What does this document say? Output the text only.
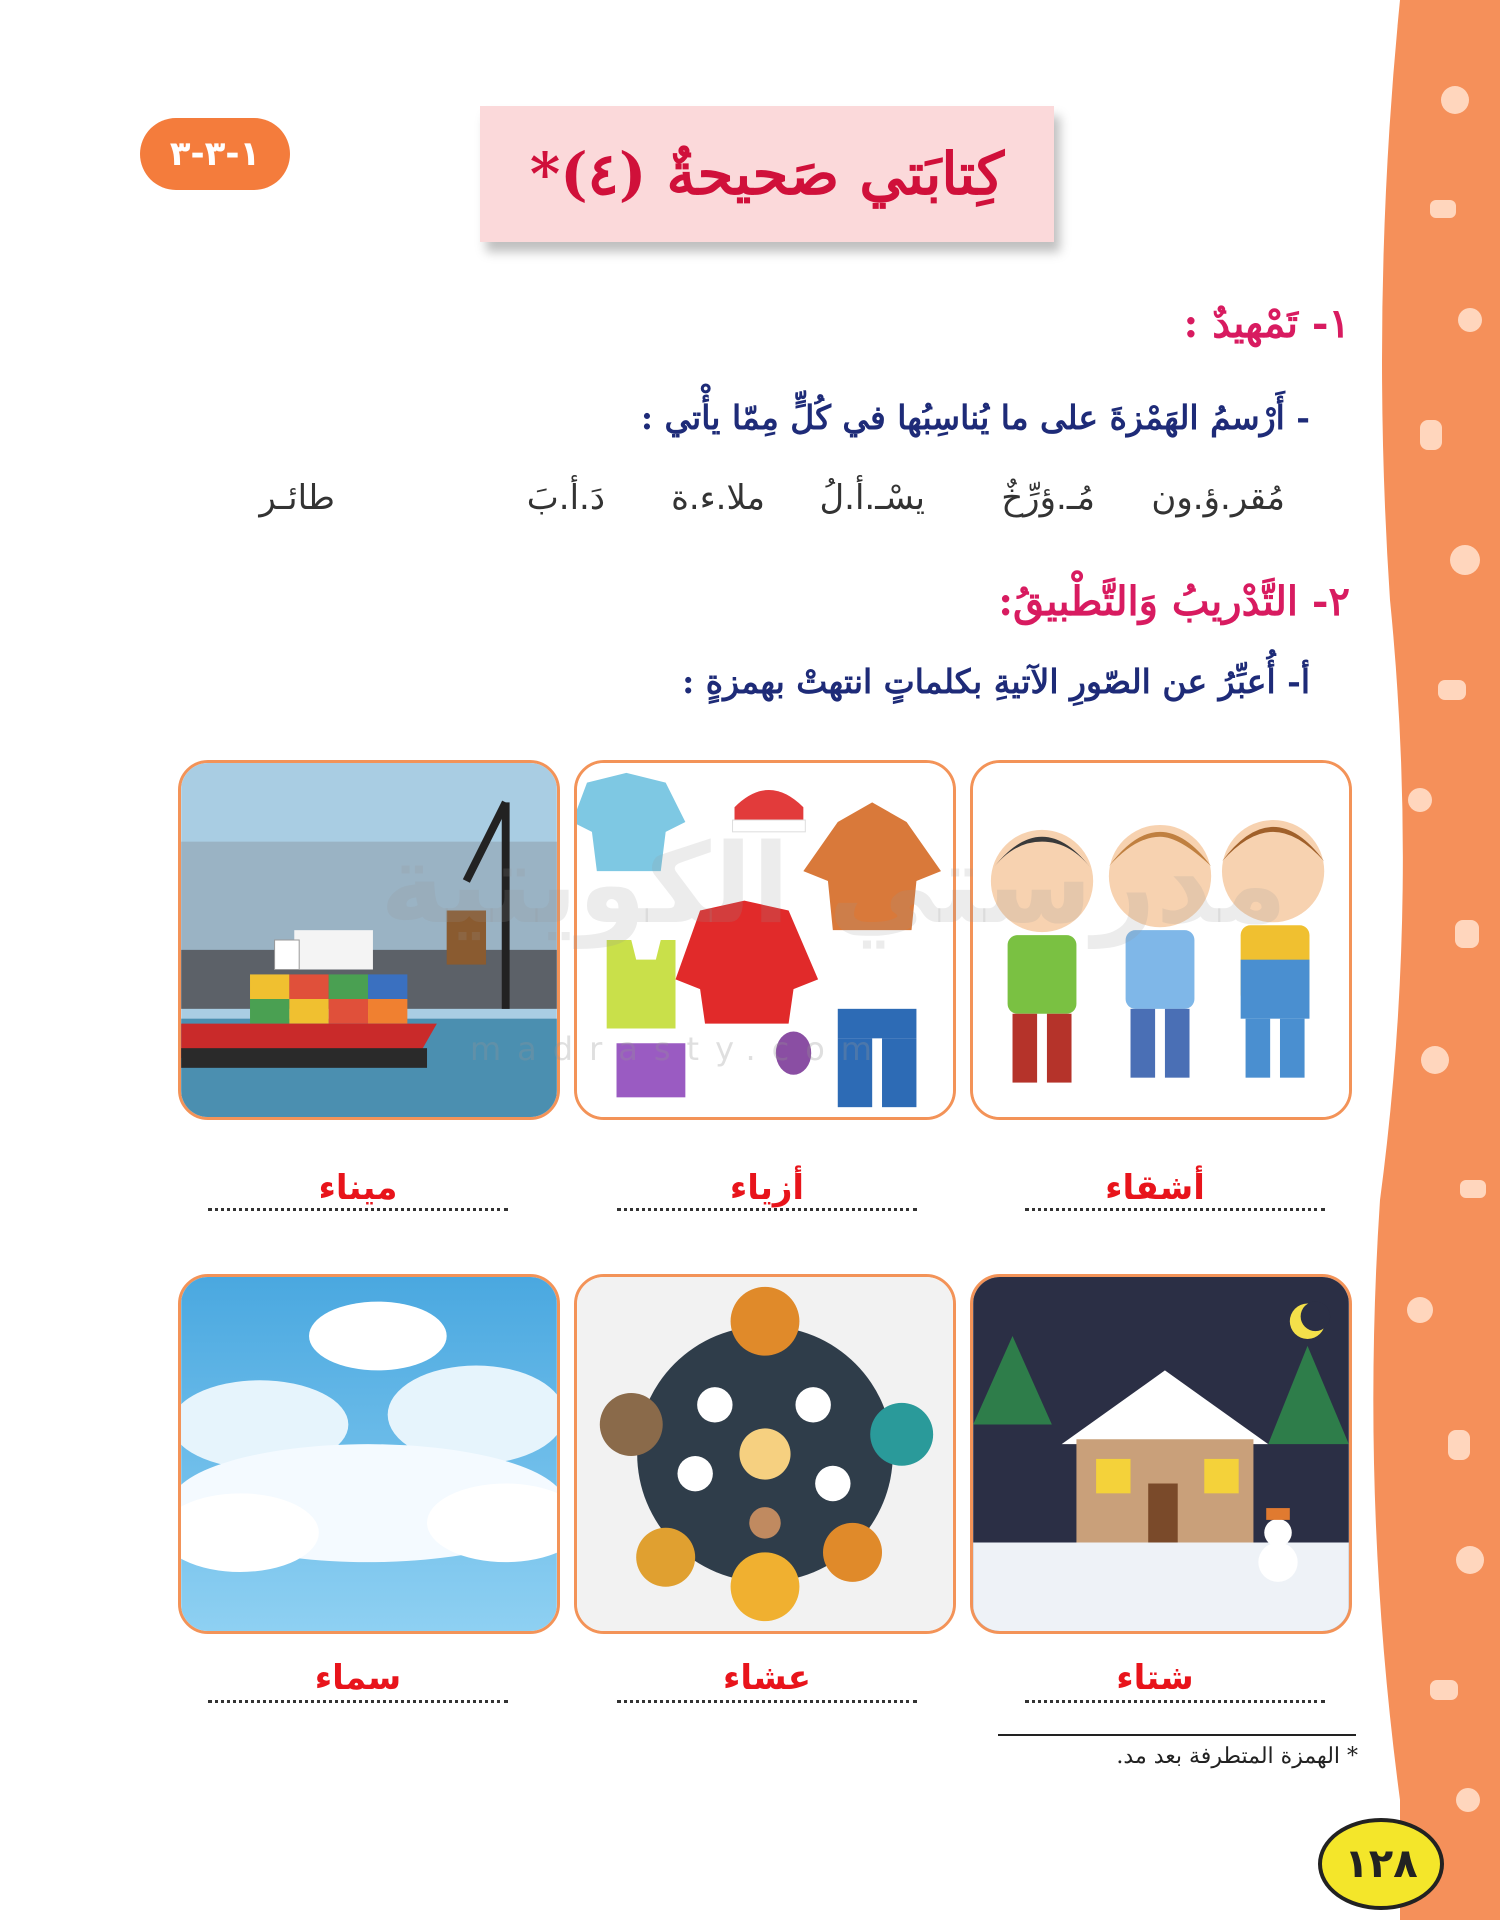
١-٣-٣	كِتابَتي صَحيحةٌ (٤)*
١- تَمْهيدٌ :
- أَرْسمُ الهَمْزةَ على ما يُناسِبُها في كُلٍّ مِمّا يأْتي :
مُقر.ؤ.ون
مُـ.ؤرِّخٌ
يسْـ.أ.لُ
ملا.ء.ة
دَ.أ.بَ
طائـر
٢- التَّدْريبُ وَالتَّطْبيقُ:
أ- أُعبِّرُ عن الصّورِ الآتيةِ بكلماتٍ انتهتْ بهمزةٍ :
أشقاء
أزياء
ميناء
شتاء
عشاء
سماء
مدرستي الكويتية
madrasty.com
* الهمزة المتطرفة بعد مد.
١٢٨
